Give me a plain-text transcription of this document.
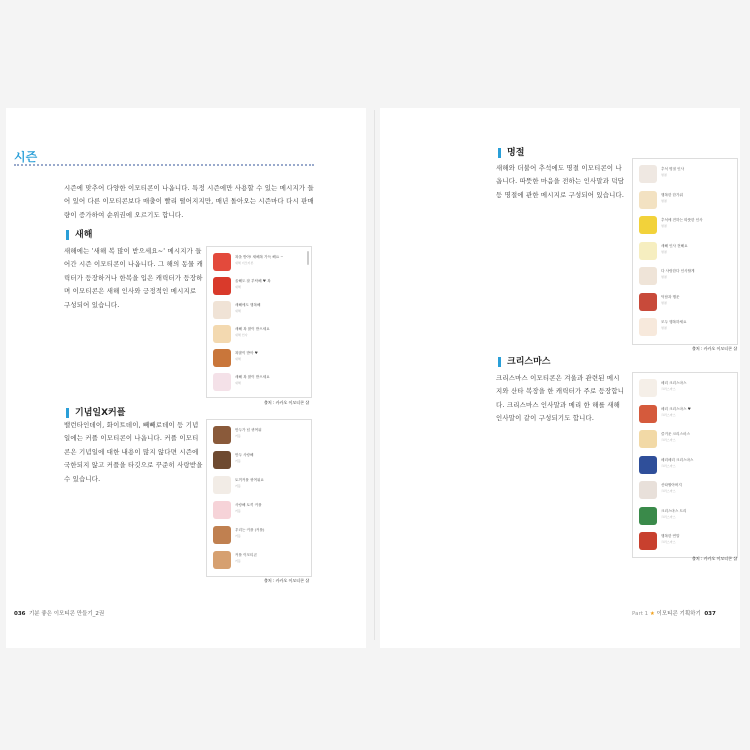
시즌
시즌에 맞추어 다양한 이모티콘이 나옵니다. 특정 시즌에만 사용할 수 있는 메시지가 들어 있어 다른 이모티콘보다 매출이 빨리 떨어지지만, 매년 돌아오는 시즌마다 다시 판매량이 증가하여 순위권에 오르기도 합니다.
새해
새해에는 '새해 복 많이 받으세요~' 메시지가 들어간 시즌 이모티콘이 나옵니다. 그 해의 동물 캐릭터가 등장하거나 한복을 입은 캐릭터가 등장하며 이모티콘은 새해 인사와 긍정적인 메시지로 구성되어 있습니다.
복을 받아! 새해복 가득 해요 ~
새해 이모티콘
올해도 잘 부탁해 ♥ 복
새해
새해에도 행복해
새해
새해 복 많이 받으세요
새해 인사
복많이 받아 ♥
새해
새해 복 많이 받으세요
새해
출처 : 카카오 이모티콘 샵
기념일X커플
밸런타인데이, 화이트데이, 빼빼로데이 등 기념일에는 커플 이모티콘이 나옵니다. 커플 이모티콘은 기념일에 대한 내용이 많지 않다면 시즌에 국한되지 않고 커플을 타깃으로 꾸준히 사랑받을 수 있습니다.
만두가 넘 귀여워
커플
만두 사랑해
커플
토끼커플 귀여워요
커플
사랑해 토끼 커플
커플
우리는 커플 (커플)
커플
커플 이모티콘
커플
출처 : 카카오 이모티콘 샵
036 기분 좋은 이모티콘 만들기_2권
명절
새해와 더불어 추석에도 명절 이모티콘이 나옵니다. 따뜻한 마음을 전하는 인사말과 덕담 등 명절에 관한 메시지로 구성되어 있습니다.
추석 명절 인사
명절
행복한 한가위
명절
추석에 전하는 따뜻한 인사
명절
새해 인사 전해요
명절
다 사랑한다 인사할게
명절
덕담과 행운
명절
모두 행복하세요
명절
출처 : 카카오 이모티콘 샵
크리스마스
크리스마스 이모티콘은 겨울과 관련된 메시지와 산타 복장을 한 캐릭터가 주로 등장합니다. 크리스마스 인사말과 메리 한 해를 새해 인사말이 같이 구성되기도 합니다.
메리 크리스마스
크리스마스
메리 크리스마스 ♥
크리스마스
즐거운 크리스마스
크리스마스
메리메리 크리스마스
크리스마스
산타할아버지
크리스마스
크리스마스 트리
크리스마스
행복한 연말
크리스마스
출처 : 카카오 이모티콘 샵
Part 1 ★ 이모티콘 기획하기 037
